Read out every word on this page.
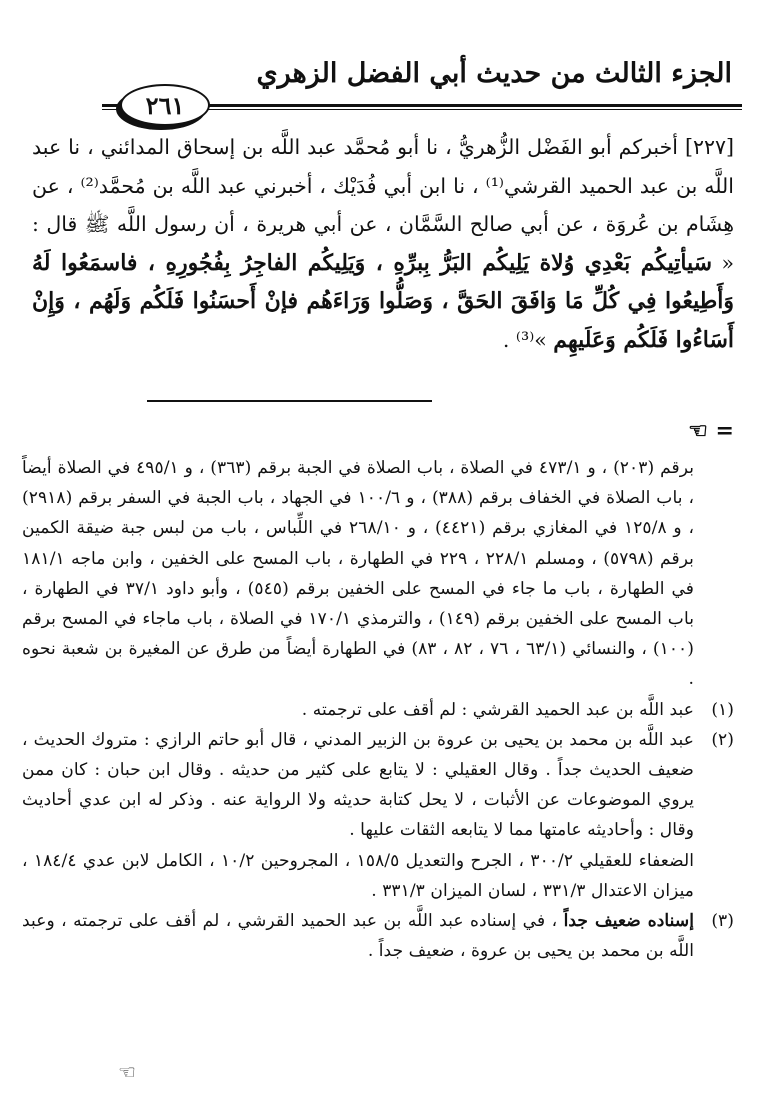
الجزء الثالث من حديث أبي الفضل الزهري
٢٦١
[٢٢٧] أخبركم أبو الفَضْل الزُّهريُّ ، نا أبو مُحمَّد عبد اللَّه بن إسحاق المدائني ، نا عبد اللَّه بن عبد الحميد القرشي⁽¹⁾ ، نا ابن أبي فُدَيْك ، أخبرني عبد اللَّه بن مُحمَّد⁽²⁾ ، عن هِشَام بن عُروَة ، عن أبي صالح السَّمَّان ، عن أبي هريرة ، أن رسول اللَّه ﷺ قال : « سَيأتِيكُم بَعْدِي وُلاة يَلِيكُم البَرُّ بِبرِّهِ ، وَيَلِيكُم الفاجِرُ بِفُجُورِهِ ، فاسمَعُوا لَهُ وَأَطِيعُوا فِي كُلِّ مَا وَافَقَ الحَقَّ ، وَصَلُّوا وَرَاءَهُم فإنْ أَحسَنُوا فَلَكُم وَلَهُم ، وَإِنْ أَسَاءُوا فَلَكُم وَعَلَيهِم »⁽³⁾ .
= ☜

برقم (٢٠٣) ، و ٤٧٣/١ في الصلاة ، باب الصلاة في الجبة برقم (٣٦٣) ، و ٤٩٥/١ في الصلاة أيضاً ، باب الصلاة في الخفاف برقم (٣٨٨) ، و ١٠٠/٦ في الجهاد ، باب الجبة في السفر برقم (٢٩١٨) ، و ١٢٥/٨ في المغازي برقم (٤٤٢١) ، و ٢٦٨/١٠ في اللِّباس ، باب من لبس جبة ضيقة الكمين برقم (٥٧٩٨) ، ومسلم ٢٢٨/١ ، ٢٢٩ في الطهارة ، باب المسح على الخفين ، وابن ماجه ١٨١/١ في الطهارة ، باب ما جاء في المسح على الخفين برقم (٥٤٥) ، وأبو داود ٣٧/١ في الطهارة ، باب المسح على الخفين برقم (١٤٩) ، والترمذي ١٧٠/١ في الصلاة ، باب ماجاء في المسح برقم (١٠٠) ، والنسائي (٦٣/١ ، ٧٦ ، ٨٢ ، ٨٣) في الطهارة أيضاً من طرق عن المغيرة بن شعبة نحوه .

(١)
عبد اللَّه بن عبد الحميد القرشي : لم أقف على ترجمته .
(٢)
عبد اللَّه بن محمد بن يحيى بن عروة بن الزبير المدني ، قال أبو حاتم الرازي : متروك الحديث ، ضعيف الحديث جداً . وقال العقيلي : لا يتابع على كثير من حديثه . وقال ابن حبان : كان ممن يروي الموضوعات عن الأثبات ، لا يحل كتابة حديثه ولا الرواية عنه . وذكر له ابن عدي أحاديث وقال : وأحاديثه عامتها مما لا يتابعه الثقات عليها .

الضعفاء للعقيلي ٣٠٠/٢ ، الجرح والتعديل ١٥٨/٥ ، المجروحين ١٠/٢ ، الكامل لابن عدي ١٨٤/٤ ، ميزان الاعتدال ٣٣١/٣ ، لسان الميزان ٣٣١/٣ .

(٣)
إسناده ضعيف جداً ، في إسناده عبد اللَّه بن عبد الحميد القرشي ، لم أقف على ترجمته ، وعبد اللَّه بن محمد بن يحيى بن عروة ، ضعيف جداً .
☜
